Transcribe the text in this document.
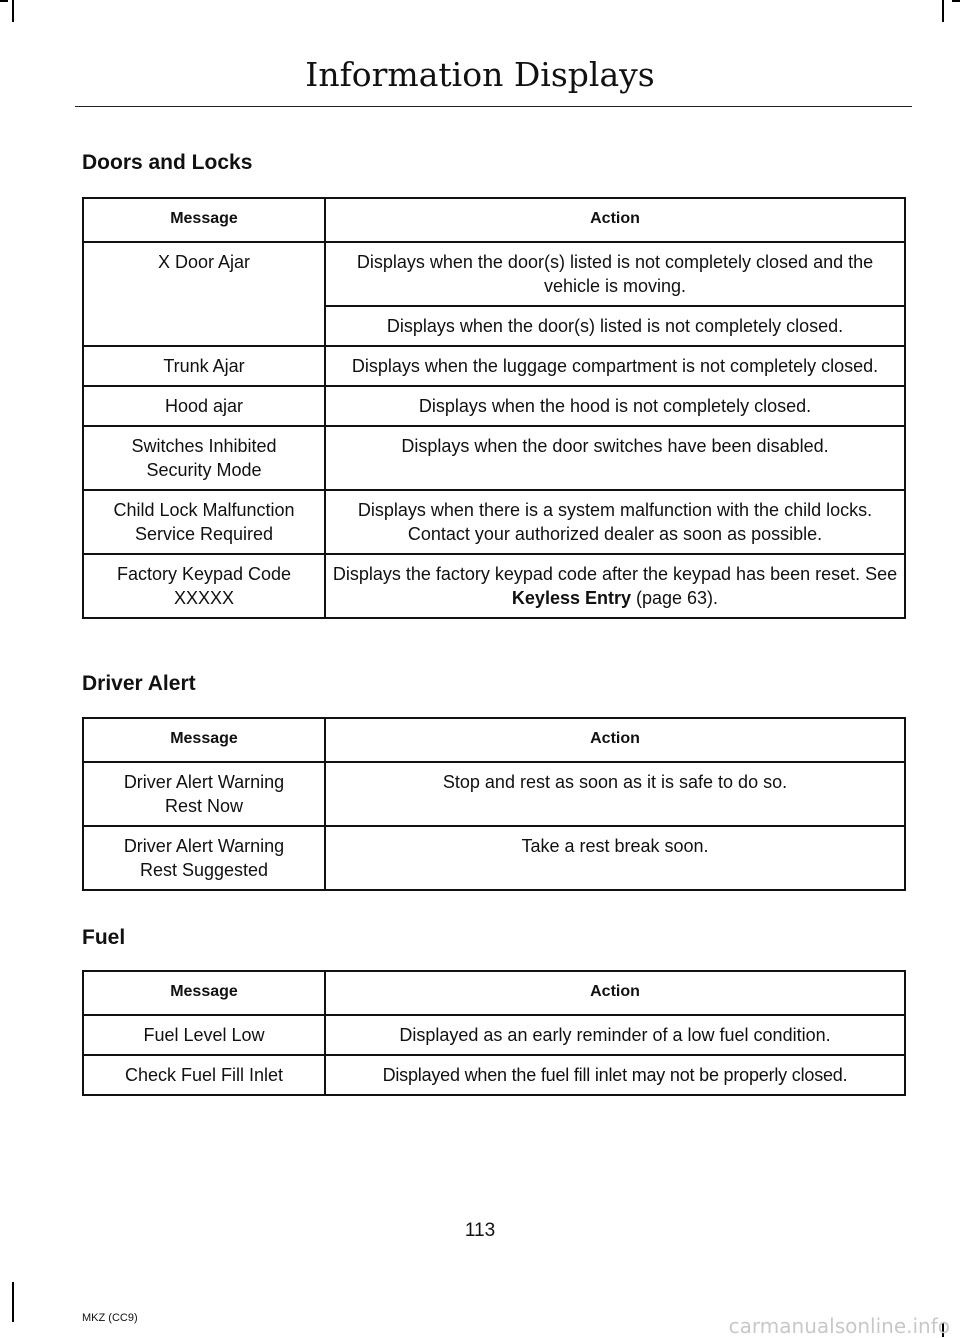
Information Displays
Doors and Locks
Message	Action
X Door Ajar	Displays when the door(s) listed is not completely closed and the vehicle is moving.
	Displays when the door(s) listed is not completely closed.
Trunk Ajar	Displays when the luggage compartment is not completely closed.
Hood ajar	Displays when the hood is not completely closed.

Switches Inhibited
Security Mode	Displays when the door switches have been disabled.

Child Lock Malfunction
Service Required	Displays when there is a system malfunction with the child locks. Contact your authorized dealer as soon as possible.

Factory Keypad Code
XXXXX	Displays the factory keypad code after the keypad has been reset. See Keyless Entry (page 63).
Driver Alert
Message	Action

Driver Alert Warning
Rest Now	Stop and rest as soon as it is safe to do so.

Driver Alert Warning
Rest Suggested	Take a rest break soon.
Fuel
Message	Action
Fuel Level Low	Displayed as an early reminder of a low fuel condition.
Check Fuel Fill Inlet	Displayed when the fuel fill inlet may not be properly closed.
113
MKZ (CC9)	carmanualsonline.info
